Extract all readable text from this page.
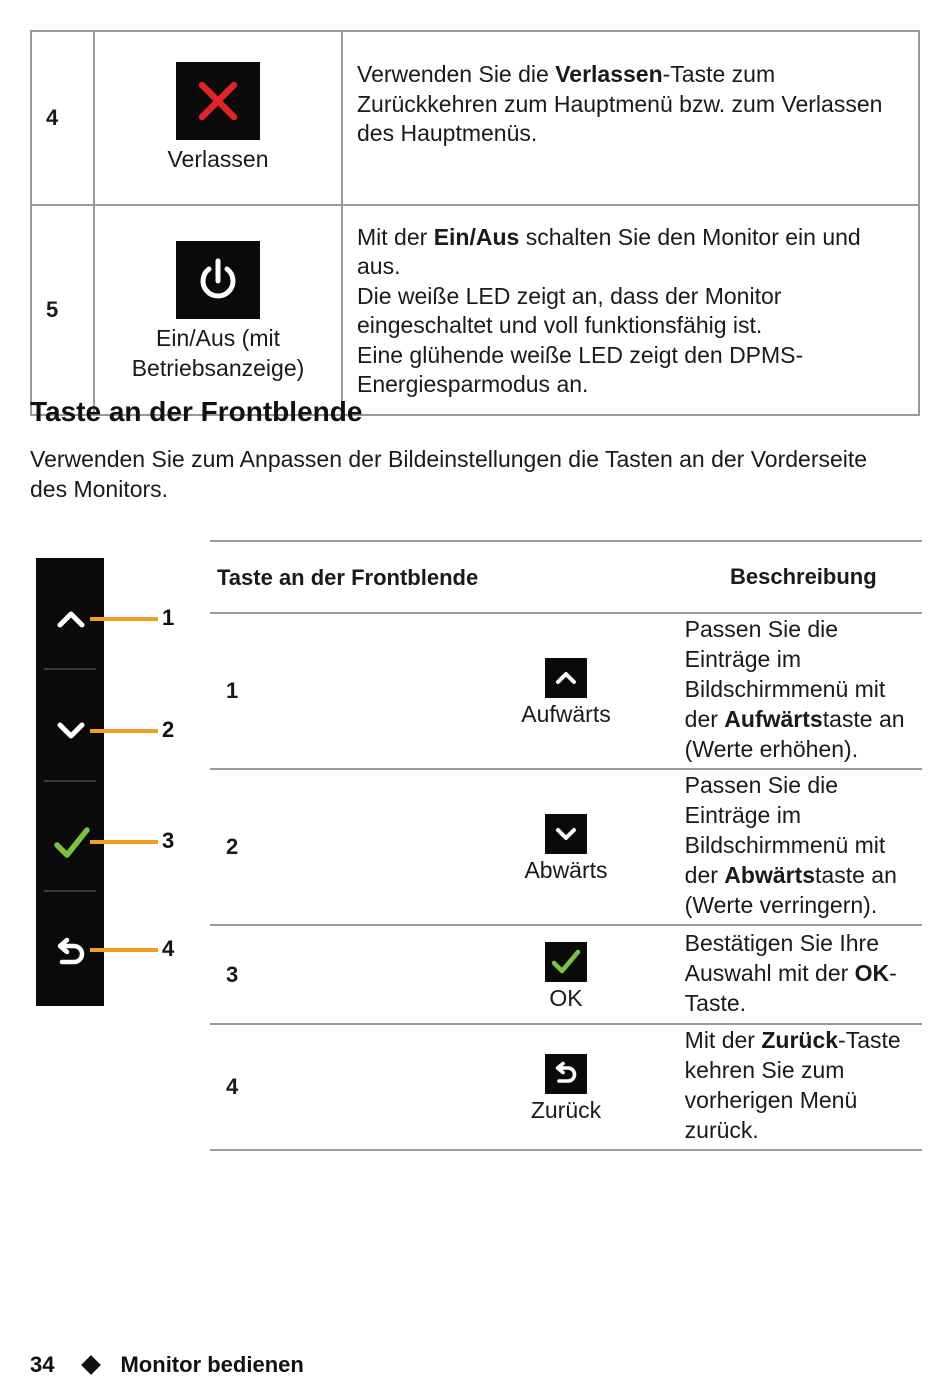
4	Verlassen	Verwenden Sie die Verlassen-Taste zum Zurückkehren zum Hauptmenü bzw. zum Verlassen des Hauptmenüs.
5	Ein/Aus (mit Betriebsanzeige)	Mit der Ein/Aus schalten Sie den Monitor ein und aus.
Die weiße LED zeigt an, dass der Monitor eingeschaltet und voll funktionsfähig ist.
Eine glühende weiße LED zeigt den DPMS-Energiesparmodus an.
Taste an der Frontblende

Verwenden Sie zum Anpassen der Bildeinstellungen die Tasten an der Vorderseite des Monitors.

1
2
3
4
Taste an der Frontblende		Beschreibung
1	Aufwärts	Passen Sie die Einträge im Bildschirmmenü mit der Aufwärtstaste an (Werte erhöhen).
2	Abwärts	Passen Sie die Einträge im Bildschirmmenü mit der Abwärtstaste an (Werte verringern).
3	OK	Bestätigen Sie Ihre Auswahl mit der OK-Taste.
4	Zurück	Mit der Zurück-Taste kehren Sie zum vorherigen Menü zurück.
34	Monitor bedienen
